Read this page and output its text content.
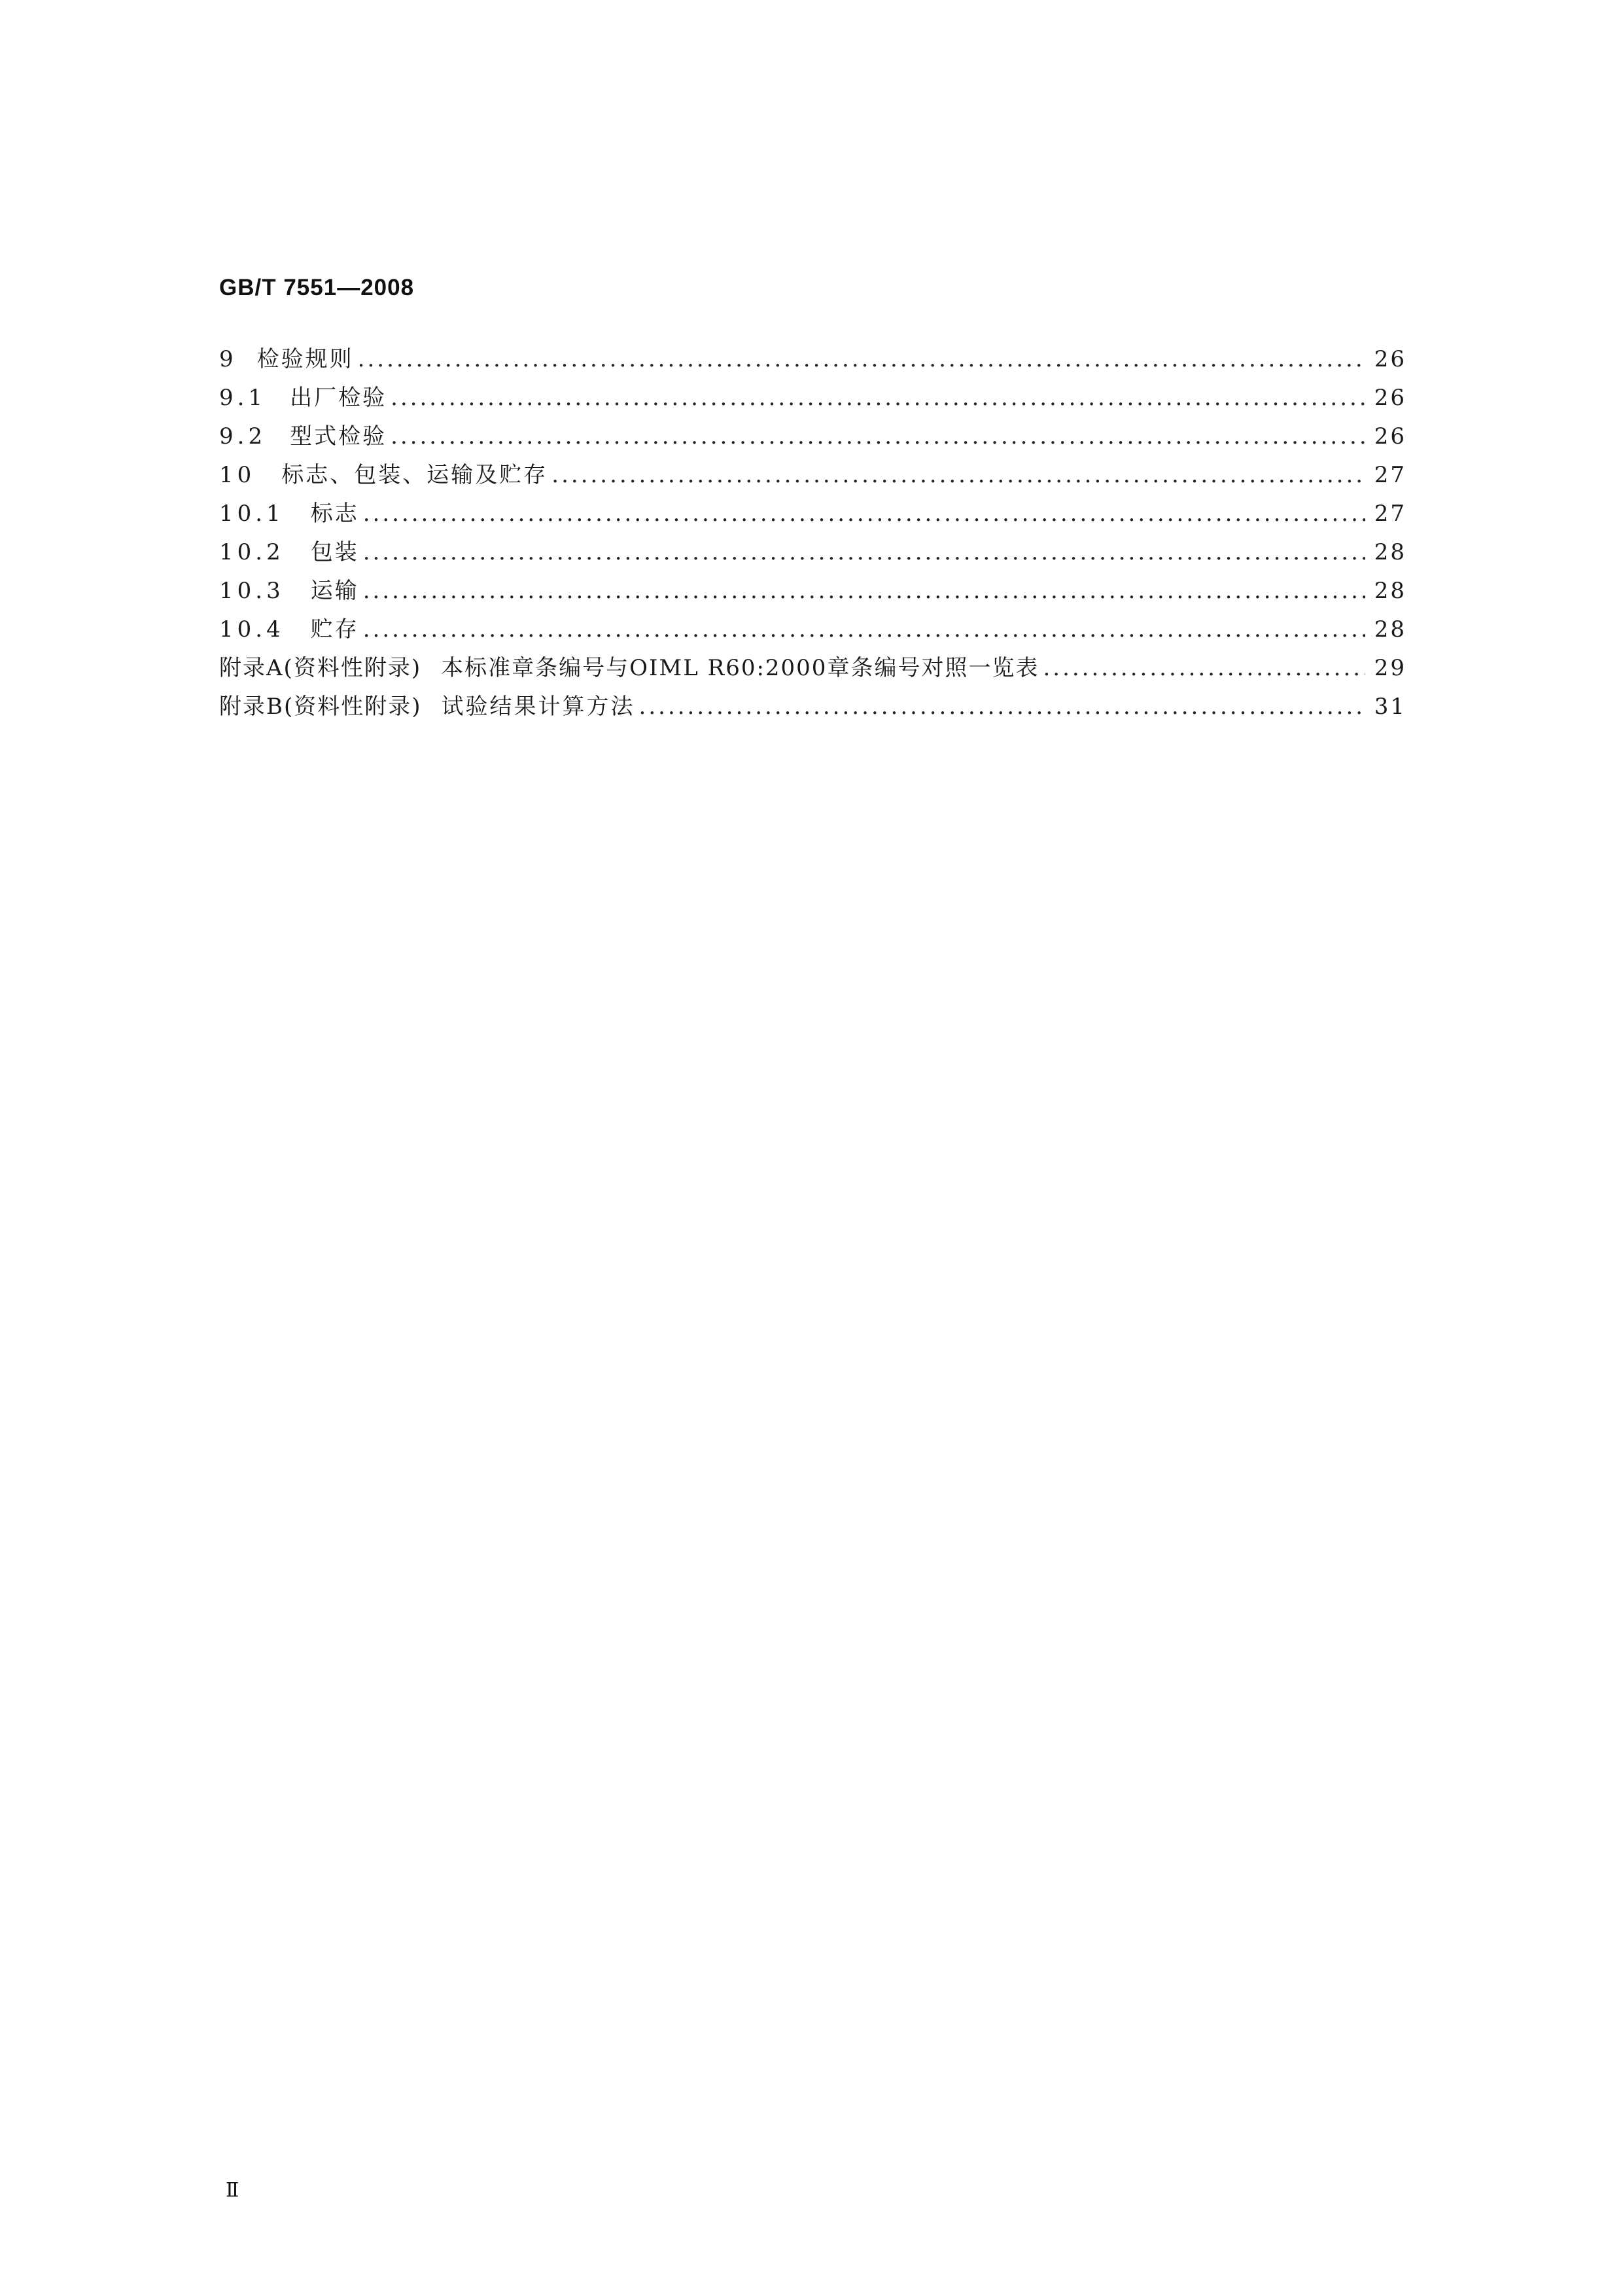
GB/T 7551—2008
9 检验规则 .....	26
9.1 出厂检验 .....	26
9.2 型式检验 .....	26
10 标志、包装、运输及贮存 .....	27
10.1 标志 .....	27
10.2 包装 .....	28
10.3 运输 .....	28
10.4 贮存 .....	28
附录A(资料性附录) 本标准章条编号与OIML R60:2000章条编号对照一览表 .....	29
附录B(资料性附录) 试验结果计算方法 .....	31
Ⅱ
